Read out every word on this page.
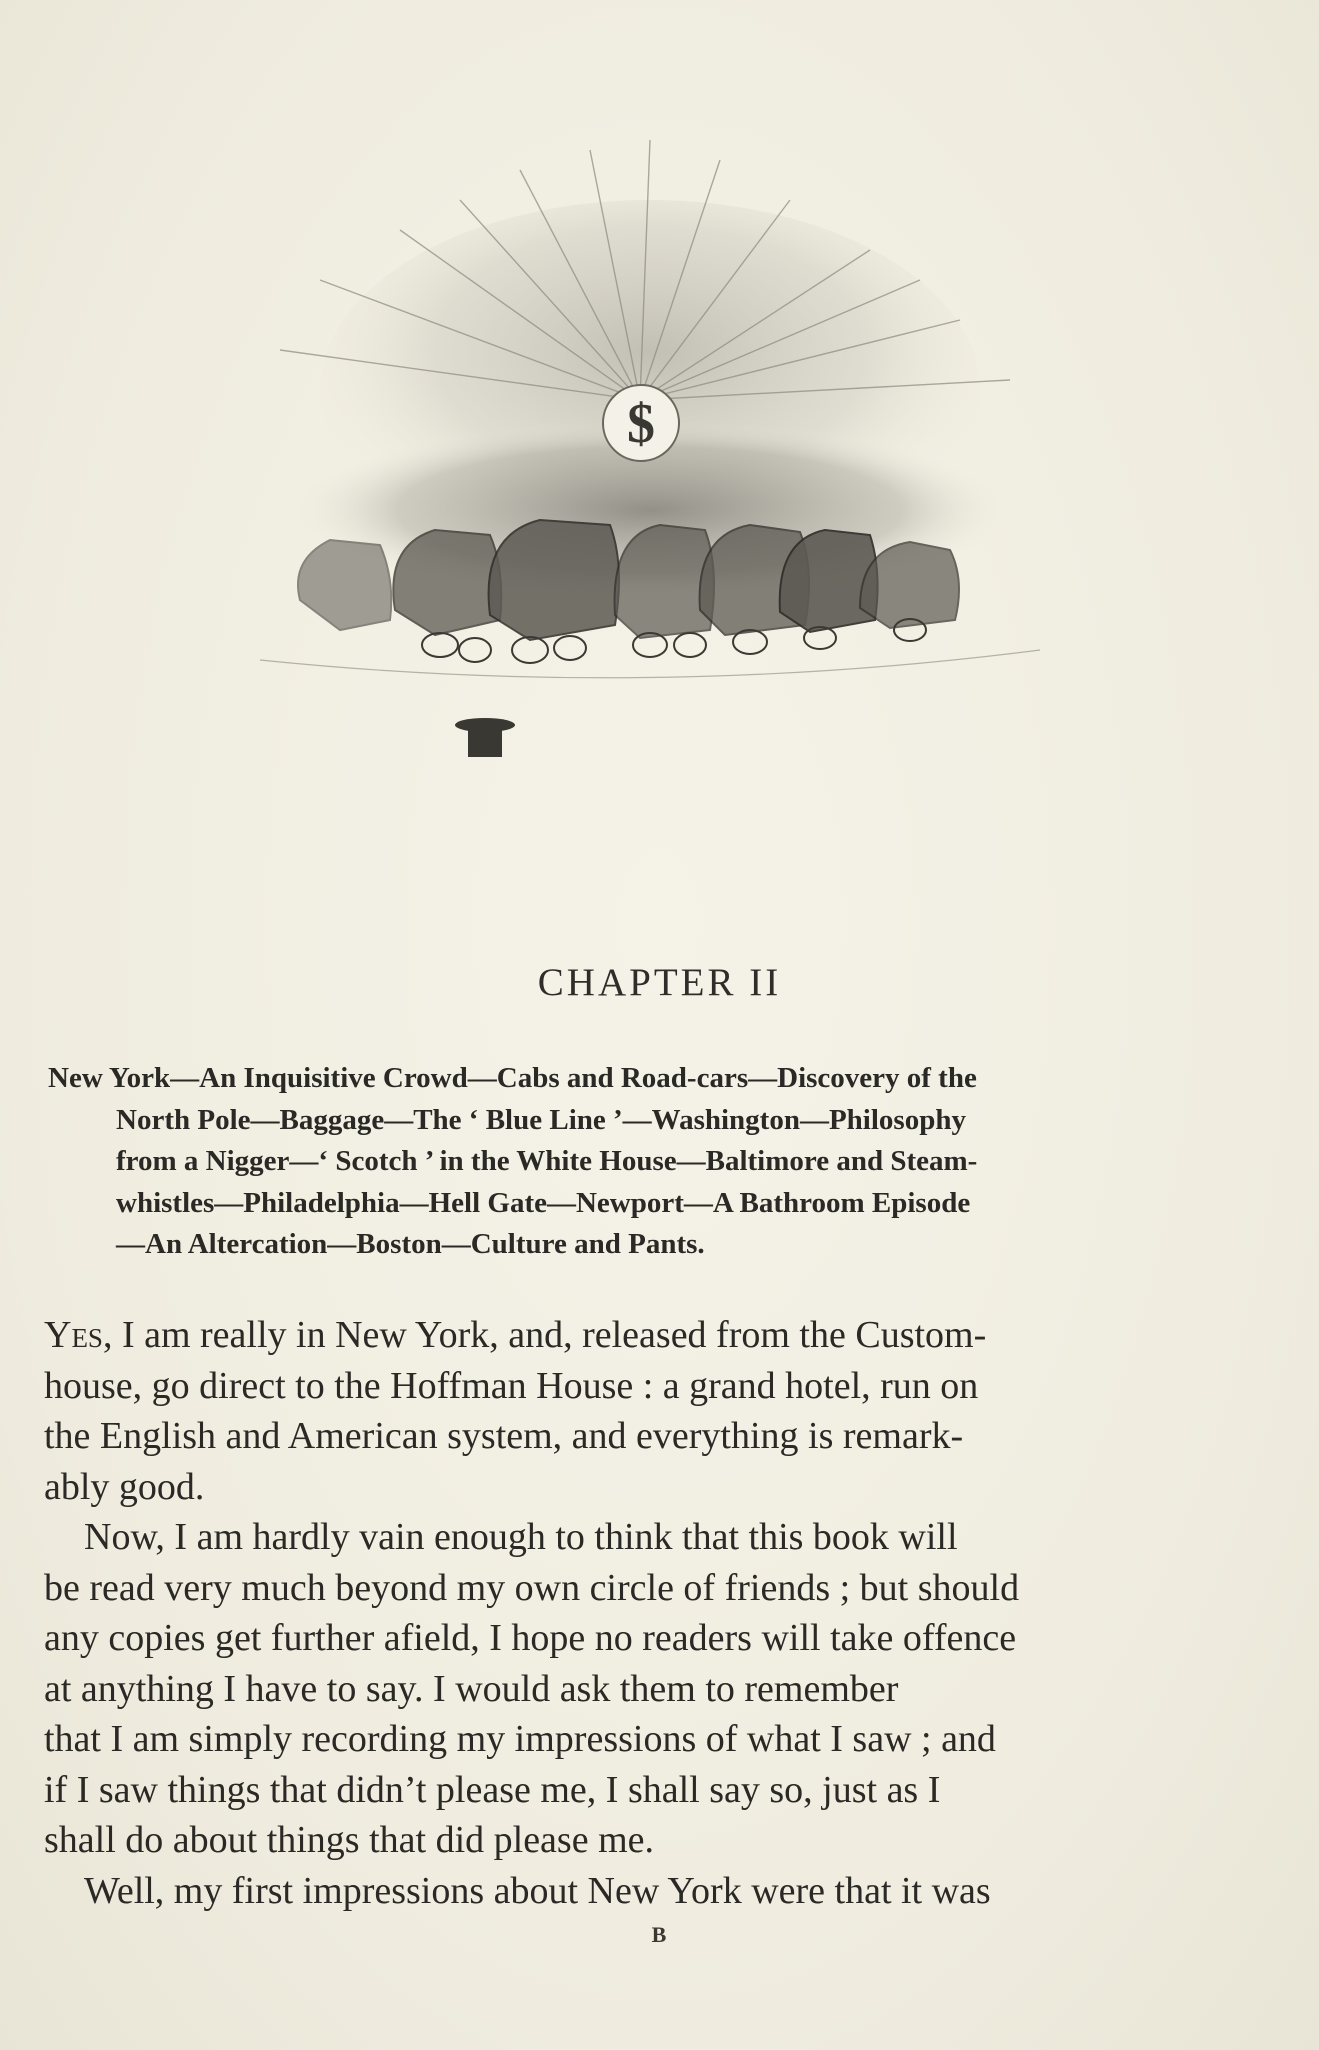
$
CHAPTER II
New York—An Inquisitive Crowd—Cabs and Road-cars—Discovery of the
North Pole—Baggage—The ‘ Blue Line ’—Washington—Philosophy
from a Nigger—‘ Scotch ’ in the White House—Baltimore and Steam-
whistles—Philadelphia—Hell Gate—Newport—A Bathroom Episode
—An Altercation—Boston—Culture and Pants.
Yes, I am really in New York, and, released from the Custom-
house, go direct to the Hoffman House : a grand hotel, run on
the English and American system, and everything is remark-
ably good.
Now, I am hardly vain enough to think that this book will
be read very much beyond my own circle of friends ; but should
any copies get further afield, I hope no readers will take offence
at anything I have to say. I would ask them to remember
that I am simply recording my impressions of what I saw ; and
if I saw things that didn’t please me, I shall say so, just as I
shall do about things that did please me.
Well, my first impressions about New York were that it was
B
